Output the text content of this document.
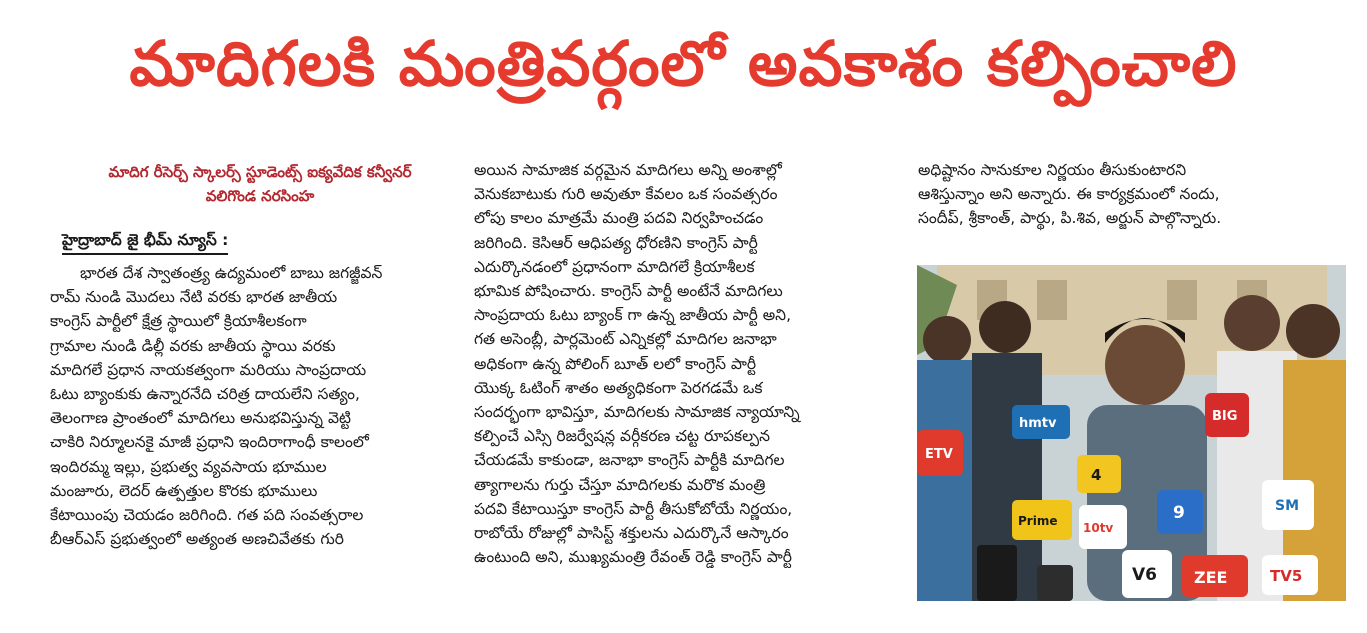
మాదిగలకి మంత్రివర్గంలో అవకాశం కల్పించాలి

మాదిగ రీసెర్చ్ స్కాలర్స్ స్టూడెంట్స్ ఐక్యవేదిక కన్వీనర్

వలిగొండ నరసింహ

హైద్రాబాద్ జై భీమ్ న్యూస్ :

భారత దేశ స్వాతంత్ర్య ఉద్యమంలో బాబు జగజ్జీవన్

రామ్ నుండి మొదలు నేటి వరకు భారత జాతీయ

కాంగ్రెస్ పార్టీలో క్షేత్ర స్థాయిలో క్రియాశీలకంగా

గ్రామాల నుండి డిల్లీ వరకు జాతీయ స్థాయి వరకు

మాదిగలే ప్రధాన నాయకత్వంగా మరియు సాంప్రదాయ

ఓటు బ్యాంకుకు ఉన్నారనేది చరిత్ర దాయలేని సత్యం,

తెలంగాణ ప్రాంతంలో మాదిగలు అనుభవిస్తున్న వెట్టి

చాకిరి నిర్మూలనకై మాజీ ప్రధాని ఇందిరాగాంధీ కాలంలో

ఇందిరమ్మ ఇల్లు, ప్రభుత్వ వ్యవసాయ భూముల

మంజూరు, లెదర్ ఉత్పత్తుల కొరకు భూములు

కేటాయింపు చెయడం జరిగింది. గత పది సంవత్సరాల

బీఆర్ఎస్ ప్రభుత్వంలో అత్యంత అణచివేతకు గురి

అయిన సామాజిక వర్గమైన మాదిగలు అన్ని అంశాల్లో

వెనుకబాటుకు గురి అవుతూ కేవలం ఒక సంవత్సరం

లోపు కాలం మాత్రమే మంత్రి పదవి నిర్వహించడం

జరిగింది. కెసిఆర్ ఆధిపత్య ధోరణిని కాంగ్రెస్ పార్టీ

ఎదుర్కొనడంలో ప్రధానంగా మాదిగలే క్రియాశీలక

భూమిక పోషించారు. కాంగ్రెస్ పార్టీ అంటేనే మాదిగలు

సాంప్రదాయ ఓటు బ్యాంక్ గా ఉన్న జాతీయ పార్టీ అని,

గత అసెంబ్లీ, పార్లమెంట్ ఎన్నికల్లో మాదిగల జనాభా

అధికంగా ఉన్న పోలింగ్ బూత్ లలో కాంగ్రెస్ పార్టీ

యొక్క ఓటింగ్ శాతం అత్యధికంగా పెరగడమే ఒక

సందర్భంగా భావిస్తూ, మాదిగలకు సామాజిక న్యాయాన్ని

కల్పించే ఎస్సి రిజర్వేషన్ల వర్గీకరణ చట్ట రూపకల్పన

చేయడమే కాకుండా, జనాభా కాంగ్రెస్ పార్టీకి మాదిగల

త్యాగాలను గుర్తు చేస్తూ మాదిగలకు మరొక మంత్రి

పదవి కేటాయిస్తూ కాంగ్రెస్ పార్టీ తీసుకోబోయే నిర్ణయం,

రాబోయే రోజుల్లో పాసిస్ట్ శక్తులను ఎదుర్కొనే ఆస్కారం

ఉంటుంది అని, ముఖ్యమంత్రి రేవంత్ రెడ్డి కాంగ్రెస్ పార్టీ

అధిష్టానం సానుకూల నిర్ణయం తీసుకుంటారని

ఆశిస్తున్నాం అని అన్నారు. ఈ కార్యక్రమంలో నందు,

సందీప్, శ్రీకాంత్, పార్థు, పి.శివ, అర్జున్ పాల్గొన్నారు.

ETV
hmtv	BIG
4
Prime 10tv
9	SM
V6 ZEE	TV5
